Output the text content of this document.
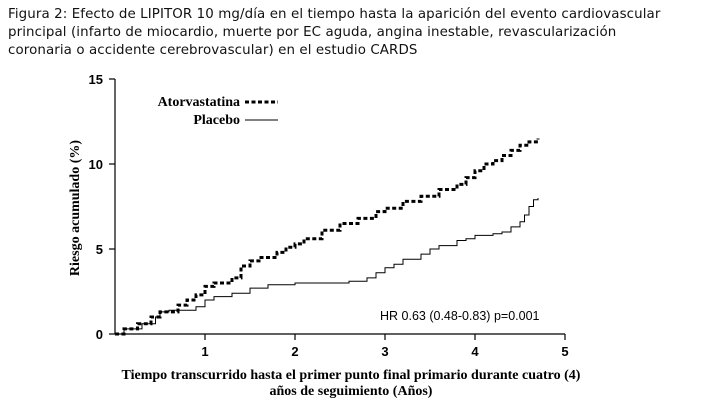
Figura 2: Efecto de LIPITOR 10 mg/día en el tiempo hasta la aparición del evento cardiovascular
principal (infarto de miocardio, muerte por EC aguda, angina inestable, revascularización
coronaria o accidente cerebrovascular) en el estudio CARDS
0
5
10
15
1	2	3	4	5
Atorvastatina
Placebo
HR 0.63 (0.48-0.83) p=0.001
Riesgo acumulado (%)
Tiempo transcurrido hasta el primer punto final primario durante cuatro (4)
años de seguimiento (Años)
